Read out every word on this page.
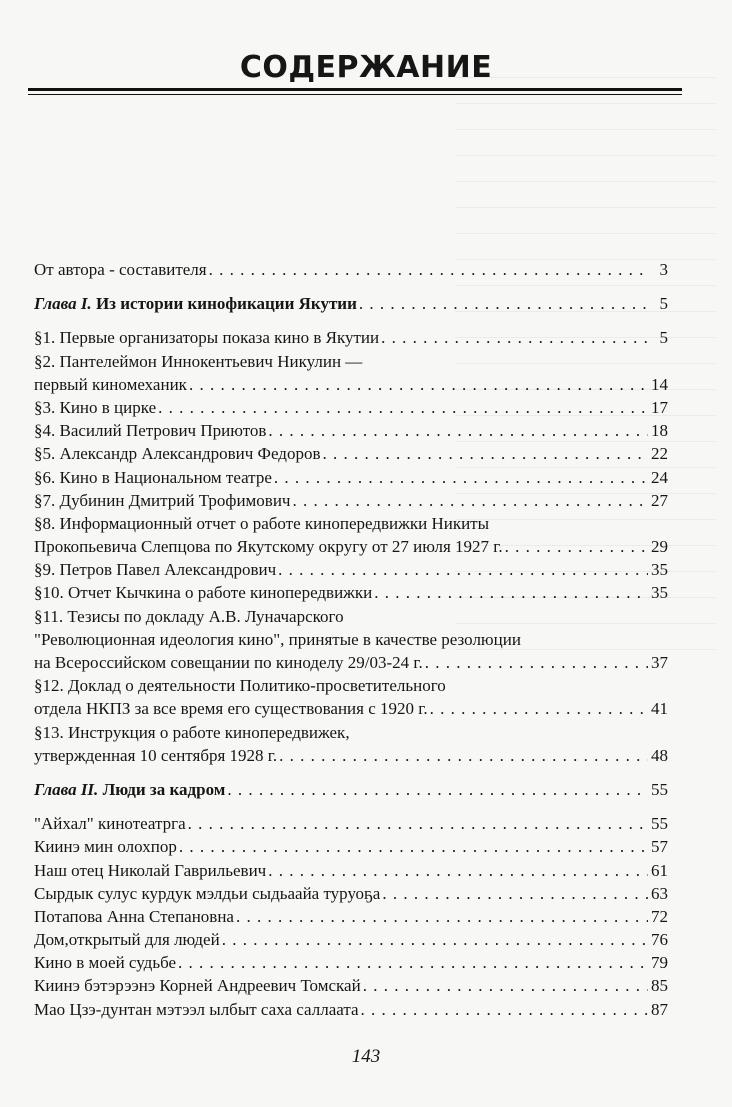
СОДЕРЖАНИЕ
От автора - составителя . . .	3
Глава I. Из истории кинофикации Якутии . . .	5
§1. Первые организаторы показа кино в Якутии . . .	5
§2. Пантелеймон Иннокентьевич Никулин —
первый киномеханик . . .	14
§3. Кино в цирке . . .	17
§4. Василий Петрович Приютов . . .	18
§5. Александр Александрович Федоров . . .	22
§6. Кино в Национальном театре . . .	24
§7. Дубинин Дмитрий Трофимович . . .	27
§8. Информационный отчет о работе кинопередвижки Никиты
Прокопьевича Слепцова по Якутскому округу от 27 июля 1927 г. . . .	29
§9. Петров Павел Александрович . . .	35
§10. Отчет Кычкина о работе кинопередвижки . . .	35
§11. Тезисы по докладу А.В. Луначарского
"Революционная идеология кино", принятые в качестве резолюции
на Всероссийском совещании по киноделу 29/03-24 г. . . .	37
§12. Доклад о деятельности Политико-просветительного
отдела НКПЗ за все время его существования с 1920 г. . . .	41
§13. Инструкция о работе кинопередвижек,
утвержденная 10 сентября 1928 г. . . .	48
Глава II. Люди за кадром . . .	55
"Айхал" кинотеатрга . . .	55
Киинэ мин олохпор . . .	57
Наш отец Николай Гаврильевич . . .	61
Сырдык сулус курдук мэлдьи сыдьаайа туруоҕа . . .	63
Потапова Анна Степановна . . .	72
Дом,открытый для людей . . .	76
Кино в моей судьбе . . .	79
Киинэ бэтэрээнэ Корней Андреевич Томскай . . .	85
Мао Цзэ-дунтан мэтээл ылбыт саха саллаата . . .	87
143
